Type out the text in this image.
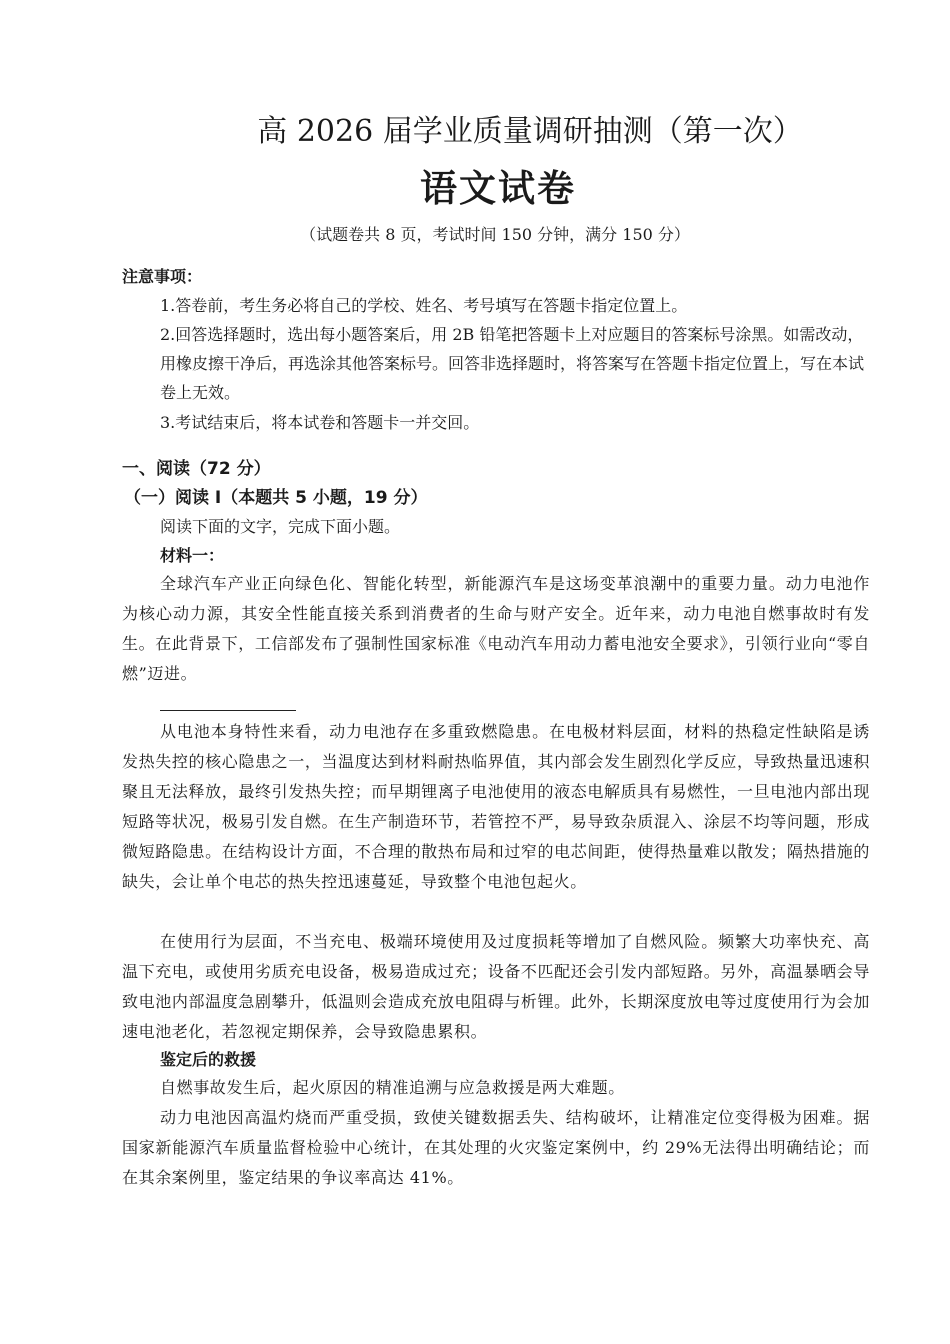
高 2026 届学业质量调研抽测（第一次）
语文试卷
（试题卷共 8 页，考试时间 150 分钟，满分 150 分）
注意事项：
1.答卷前，考生务必将自己的学校、姓名、考号填写在答题卡指定位置上。
2.回答选择题时，选出每小题答案后，用 2B 铅笔把答题卡上对应题目的答案标号涂黑。如需改动，用橡皮擦干净后，再选涂其他答案标号。回答非选择题时，将答案写在答题卡指定位置上，写在本试卷上无效。
3.考试结束后，将本试卷和答题卡一并交回。
一、阅读（72 分）
（一）阅读 I（本题共 5 小题，19 分）
阅读下面的文字，完成下面小题。
材料一：
全球汽车产业正向绿色化、智能化转型，新能源汽车是这场变革浪潮中的重要力量。动力电池作为核心动力源，其安全性能直接关系到消费者的生命与财产安全。近年来，动力电池自燃事故时有发生。在此背景下，工信部发布了强制性国家标准《电动汽车用动力蓄电池安全要求》，引领行业向“零自燃”迈进。
从电池本身特性来看，动力电池存在多重致燃隐患。在电极材料层面，材料的热稳定性缺陷是诱发热失控的核心隐患之一，当温度达到材料耐热临界值，其内部会发生剧烈化学反应，导致热量迅速积聚且无法释放，最终引发热失控；而早期锂离子电池使用的液态电解质具有易燃性，一旦电池内部出现短路等状况，极易引发自燃。在生产制造环节，若管控不严，易导致杂质混入、涂层不均等问题，形成微短路隐患。在结构设计方面，不合理的散热布局和过窄的电芯间距，使得热量难以散发；隔热措施的缺失，会让单个电芯的热失控迅速蔓延，导致整个电池包起火。
在使用行为层面，不当充电、极端环境使用及过度损耗等增加了自燃风险。频繁大功率快充、高温下充电，或使用劣质充电设备，极易造成过充；设备不匹配还会引发内部短路。另外，高温暴晒会导致电池内部温度急剧攀升，低温则会造成充放电阻碍与析锂。此外，长期深度放电等过度使用行为会加速电池老化，若忽视定期保养，会导致隐患累积。
鉴定后的救援
自燃事故发生后，起火原因的精准追溯与应急救援是两大难题。
动力电池因高温灼烧而严重受损，致使关键数据丢失、结构破坏，让精准定位变得极为困难。据国家新能源汽车质量监督检验中心统计，在其处理的火灾鉴定案例中，约 29%无法得出明确结论；而在其余案例里，鉴定结果的争议率高达 41%。
